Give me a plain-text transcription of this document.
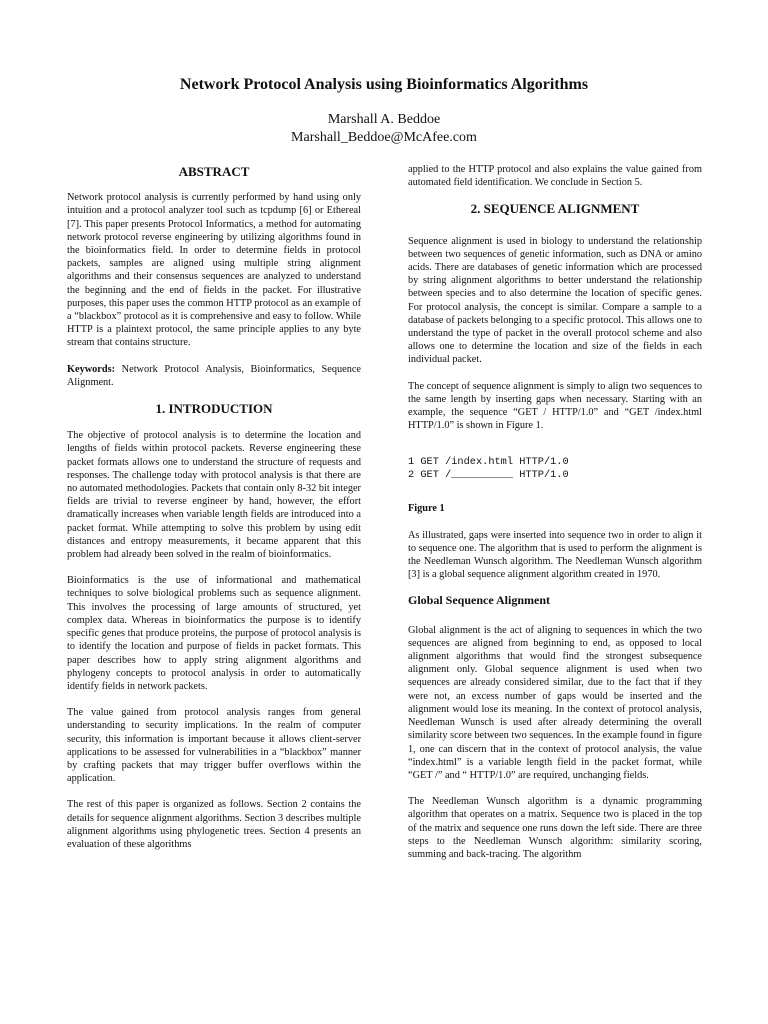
Network Protocol Analysis using Bioinformatics Algorithms
Marshall A. Beddoe
Marshall_Beddoe@McAfee.com
ABSTRACT

Network protocol analysis is currently performed by hand using only intuition and a protocol analyzer tool such as tcpdump [6] or Ethereal [7]. This paper presents Protocol Informatics, a method for automating network protocol reverse engineering by utilizing algorithms found in the bioinformatics field. In order to determine fields in protocol packets, samples are aligned using multiple string alignment algorithms and their consensus sequences are analyzed to understand the beginning and the end of fields in the packet. For illustrative purposes, this paper uses the common HTTP protocol as an example of a “blackbox” protocol as it is comprehensive and easy to follow. While HTTP is a plaintext protocol, the same principle applies to any byte stream that contains structure.

Keywords: Network Protocol Analysis, Bioinformatics, Sequence Alignment.

1. INTRODUCTION

The objective of protocol analysis is to determine the location and lengths of fields within protocol packets. Reverse engineering these packet formats allows one to understand the structure of requests and responses. The challenge today with protocol analysis is that there are no automated methodologies. Packets that contain only 8-32 bit integer fields are trivial to reverse engineer by hand, however, the effort dramatically increases when variable length fields are introduced into a packet format. While attempting to solve this problem by using edit distances and entropy measurements, it became apparent that this problem had already been solved in the realm of bioinformatics.

Bioinformatics is the use of informational and mathematical techniques to solve biological problems such as sequence alignment. This involves the processing of large amounts of structured, yet complex data. Whereas in bioinformatics the purpose is to identify specific genes that produce proteins, the purpose of protocol analysis is to identify the location and purpose of fields in packet formats. This paper describes how to apply string alignment algorithms and phylogeny concepts to protocol analysis in order to automatically identify fields in network packets.

The value gained from protocol analysis ranges from general understanding to security implications. In the realm of computer security, this information is important because it allows client-server applications to be assessed for vulnerabilities in a “blackbox” manner by crafting packets that may trigger buffer overflows within the application.

The rest of this paper is organized as follows. Section 2 contains the details for sequence alignment algorithms. Section 3 describes multiple alignment algorithms using phylogenetic trees. Section 4 presents an evaluation of these algorithms

applied to the HTTP protocol and also explains the value gained from automated field identification. We conclude in Section 5.

2. SEQUENCE ALIGNMENT

Sequence alignment is used in biology to understand the relationship between two sequences of genetic information, such as DNA or amino acids. There are databases of genetic information which are processed by string alignment algorithms to better understand the relationship between species and to also determine the location of specific genes. For protocol analysis, the concept is similar. Compare a sample to a database of packets belonging to a specific protocol. This allows one to understand the type of packet in the overall protocol scheme and also allows one to determine the location and size of the fields in each individual packet.

The concept of sequence alignment is simply to align two sequences to the same length by inserting gaps when necessary. Starting with an example, the sequence “GET / HTTP/1.0” and “GET /index.html HTTP/1.0” is shown in Figure 1.

1 GET /index.html HTTP/1.0
2 GET /__________ HTTP/1.0

Figure 1

As illustrated, gaps were inserted into sequence two in order to align it to sequence one. The algorithm that is used to perform the alignment is the Needleman Wunsch algorithm. The Needleman Wunsch algorithm [3] is a global sequence alignment algorithm created in 1970.

Global Sequence Alignment

Global alignment is the act of aligning to sequences in which the two sequences are aligned from beginning to end, as opposed to local alignment algorithms that would find the strongest subsequence alignment only. Global sequence alignment is used when two sequences are already considered similar, due to the fact that if they were not, an excess number of gaps would be inserted and the alignment would lose its meaning. In the context of protocol analysis, Needleman Wunsch is used after already determining the overall similarity score between two sequences. In the example found in figure 1, one can discern that in the context of protocol analysis, the value “index.html” is a variable length field in the packet format, while “GET /” and “ HTTP/1.0” are required, unchanging fields.

The Needleman Wunsch algorithm is a dynamic programming algorithm that operates on a matrix. Sequence two is placed in the top of the matrix and sequence one runs down the left side. There are three steps to the Needleman Wunsch algorithm: similarity scoring, summing and back-tracing. The algorithm
